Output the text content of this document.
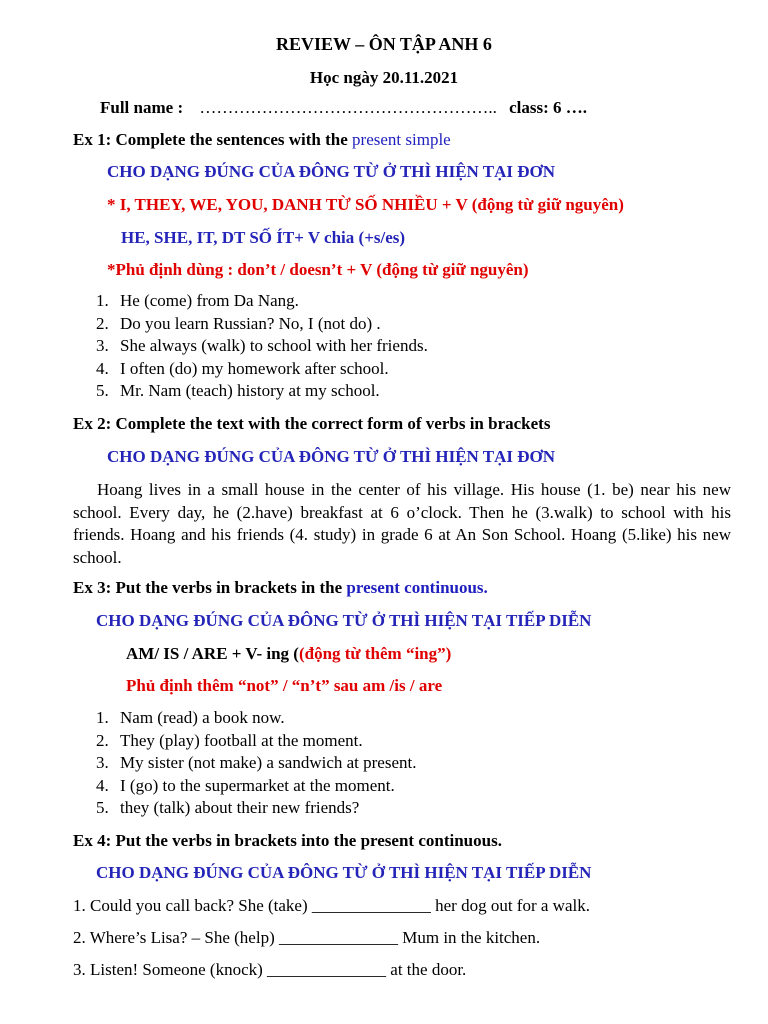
REVIEW – ÔN TẬP ANH 6
Học ngày 20.11.2021
Full name : …………………………………………….. class: 6 ….
Ex 1: Complete the sentences with the present simple
CHO DẠNG ĐÚNG CỦA ĐÔNG TỪ Ở THÌ HIỆN TẠI ĐƠN
* I, THEY, WE, YOU, DANH TỪ SỐ NHIỀU + V (động từ giữ nguyên)
HE, SHE, IT, DT SỐ ÍT+ V chia (+s/es)
*Phủ định dùng : don’t / doesn’t + V (động từ giữ nguyên)
1. He (come) from Da Nang.
2. Do you learn Russian? No, I (not do) .
3. She always (walk) to school with her friends.
4. I often (do) my homework after school.
5. Mr. Nam (teach) history at my school.
Ex 2: Complete the text with the correct form of verbs in brackets
CHO DẠNG ĐÚNG CỦA ĐÔNG TỪ Ở THÌ HIỆN TẠI ĐƠN
Hoang lives in a small house in the center of his village. His house (1. be) near his new school. Every day, he (2.have) breakfast at 6 o’clock. Then he (3.walk) to school with his friends. Hoang and his friends (4. study) in grade 6 at An Son School. Hoang (5.like) his new school.
Ex 3: Put the verbs in brackets in the present continuous.
CHO DẠNG ĐÚNG CỦA ĐÔNG TỪ Ở THÌ HIỆN TẠI TIẾP DIỄN
AM/ IS / ARE + V- ing ((động từ thêm “ing”)
Phủ định thêm “not” / “n’t” sau am /is / are
1. Nam (read) a book now.
2. They (play) football at the moment.
3. My sister (not make) a sandwich at present.
4. I (go) to the supermarket at the moment.
5. they (talk) about their new friends?
Ex 4: Put the verbs in brackets into the present continuous.
CHO DẠNG ĐÚNG CỦA ĐÔNG TỪ Ở THÌ HIỆN TẠI TIẾP DIỄN
1. Could you call back? She (take) ______________ her dog out for a walk.
2. Where’s Lisa? – She (help) ______________ Mum in the kitchen.
3. Listen! Someone (knock) ______________ at the door.
